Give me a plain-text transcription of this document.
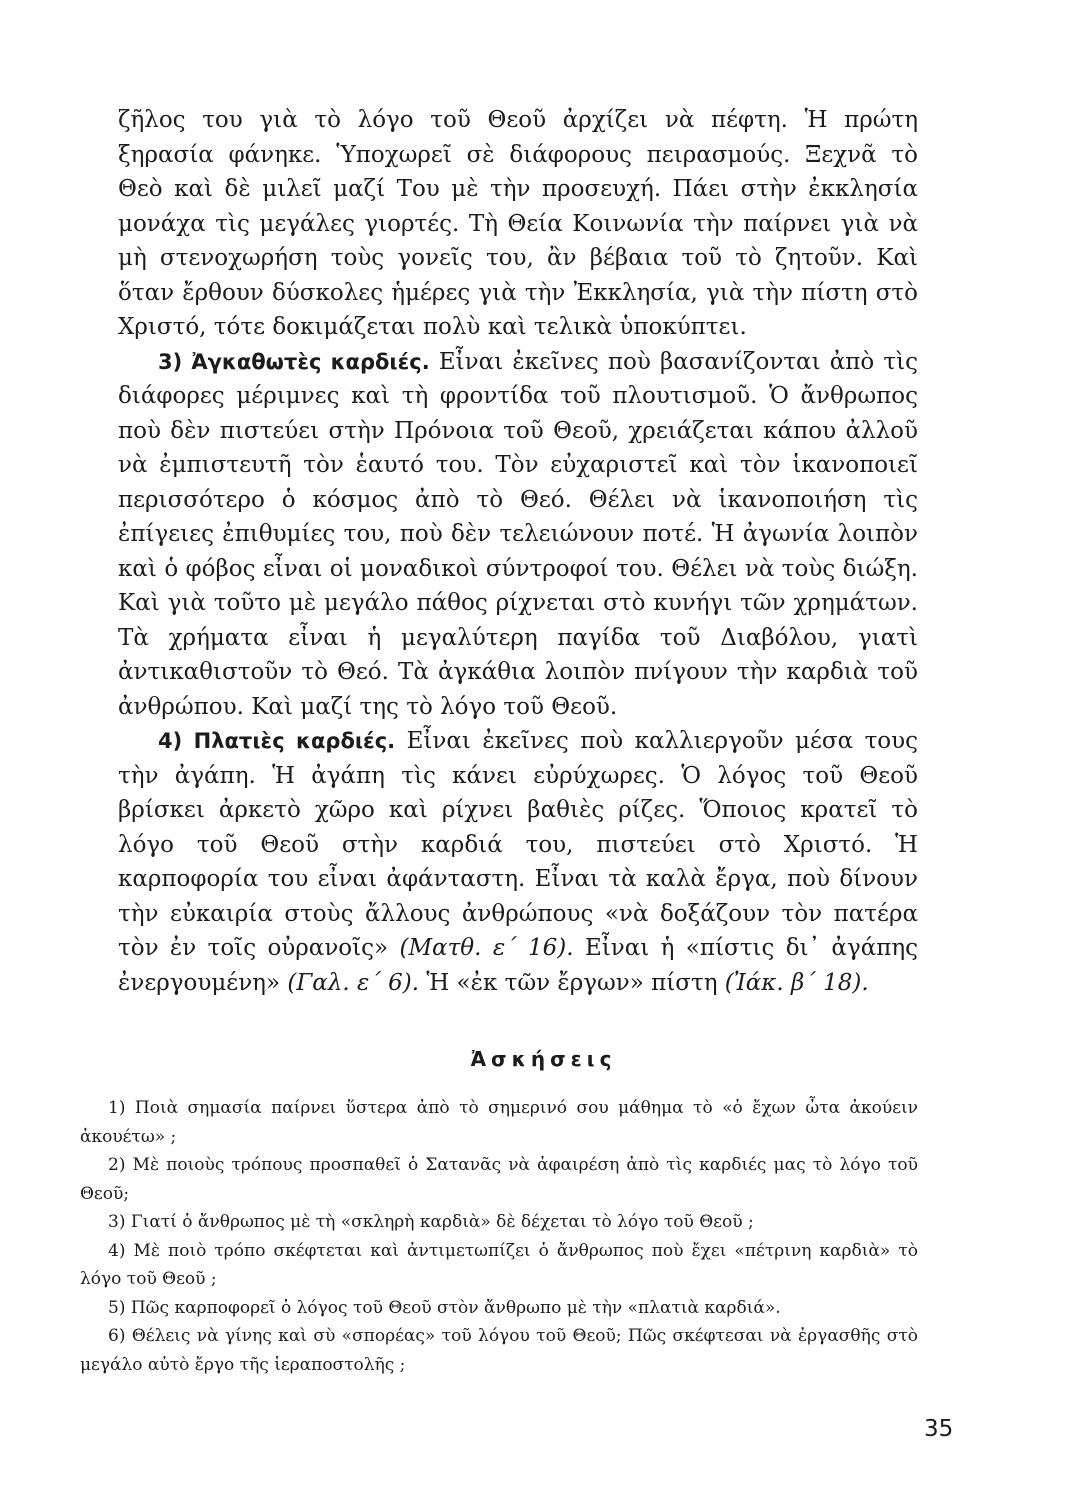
ζῆλος του γιὰ τὸ λόγο τοῦ Θεοῦ ἀρχίζει νὰ πέφτη. Ἡ πρώτη ξηρασία φάνηκε. Ὑποχωρεῖ σὲ διάφορους πειρασμούς. Ξεχνᾶ τὸ Θεὸ καὶ δὲ μιλεῖ μαζί Του μὲ τὴν προσευχή. Πάει στὴν ἐκκλησία μονάχα τὶς μεγάλες γιορτές. Τὴ Θεία Κοινωνία τὴν παίρνει γιὰ νὰ μὴ στενοχωρήση τοὺς γονεῖς του, ἂν βέβαια τοῦ τὸ ζητοῦν. Καὶ ὅταν ἔρθουν δύσκολες ἡμέρες γιὰ τὴν Ἐκκλησία, γιὰ τὴν πίστη στὸ Χριστό, τότε δοκιμάζεται πολὺ καὶ τελικὰ ὑποκύπτει.

3) Ἀγκαθωτὲς καρδιές. Εἶναι ἐκεῖνες ποὺ βασανίζονται ἀπὸ τὶς διάφορες μέριμνες καὶ τὴ φροντίδα τοῦ πλουτισμοῦ. Ὁ ἄνθρωπος ποὺ δὲν πιστεύει στὴν Πρόνοια τοῦ Θεοῦ, χρειάζεται κάπου ἀλλοῦ νὰ ἐμπιστευτῆ τὸν ἑαυτό του. Τὸν εὐχαριστεῖ καὶ τὸν ἱκανοποιεῖ περισσότερο ὁ κόσμος ἀπὸ τὸ Θεό. Θέλει νὰ ἱκανοποιήση τὶς ἐπίγειες ἐπιθυμίες του, ποὺ δὲν τελειώνουν ποτέ. Ἡ ἀγωνία λοιπὸν καὶ ὁ φόβος εἶναι οἱ μοναδικοὶ σύντροφοί του. Θέλει νὰ τοὺς διώξη. Καὶ γιὰ τοῦτο μὲ μεγάλο πάθος ρίχνεται στὸ κυνήγι τῶν χρημάτων. Τὰ χρήματα εἶναι ἡ μεγαλύτερη παγίδα τοῦ Διαβόλου, γιατὶ ἀντικαθιστοῦν τὸ Θεό. Τὰ ἀγκάθια λοιπὸν πνίγουν τὴν καρδιὰ τοῦ ἀνθρώπου. Καὶ μαζί της τὸ λόγο τοῦ Θεοῦ.

4) Πλατιὲς καρδιές. Εἶναι ἐκεῖνες ποὺ καλλιεργοῦν μέσα τους τὴν ἀγάπη. Ἡ ἀγάπη τὶς κάνει εὐρύχωρες. Ὁ λόγος τοῦ Θεοῦ βρίσκει ἀρκετὸ χῶρο καὶ ρίχνει βαθιὲς ρίζες. Ὅποιος κρατεῖ τὸ λόγο τοῦ Θεοῦ στὴν καρδιά του, πιστεύει στὸ Χριστό. Ἡ καρποφορία του εἶναι ἀφάνταστη. Εἶναι τὰ καλὰ ἔργα, ποὺ δίνουν τὴν εὐκαιρία στοὺς ἄλλους ἀνθρώπους «νὰ δοξάζουν τὸν πατέρα τὸν ἐν τοῖς οὐρανοῖς» (Ματθ. ε΄ 16). Εἶναι ἡ «πίστις δι᾽ ἀγάπης ἐνεργουμένη» (Γαλ. ε΄ 6). Ἡ «ἐκ τῶν ἔργων» πίστη (Ἰάκ. β΄ 18).

Ἀσκήσεις

1) Ποιὰ σημασία παίρνει ὕστερα ἀπὸ τὸ σημερινό σου μάθημα τὸ «ὁ ἔχων ὦτα ἀκούειν ἀκουέτω» ;

2) Μὲ ποιοὺς τρόπους προσπαθεῖ ὁ Σατανᾶς νὰ ἀφαιρέση ἀπὸ τὶς καρδιές μας τὸ λόγο τοῦ Θεοῦ;

3) Γιατί ὁ ἄνθρωπος μὲ τὴ «σκληρὴ καρδιὰ» δὲ δέχεται τὸ λόγο τοῦ Θεοῦ ;

4) Μὲ ποιὸ τρόπο σκέφτεται καὶ ἀντιμετωπίζει ὁ ἄνθρωπος ποὺ ἔχει «πέτρινη καρδιὰ» τὸ λόγο τοῦ Θεοῦ ;

5) Πῶς καρποφορεῖ ὁ λόγος τοῦ Θεοῦ στὸν ἄνθρωπο μὲ τὴν «πλατιὰ καρδιά».

6) Θέλεις νὰ γίνης καὶ σὺ «σπορέας» τοῦ λόγου τοῦ Θεοῦ; Πῶς σκέφτεσαι νὰ ἐργασθῆς στὸ μεγάλο αὐτὸ ἔργο τῆς ἱεραποστολῆς ;

35
